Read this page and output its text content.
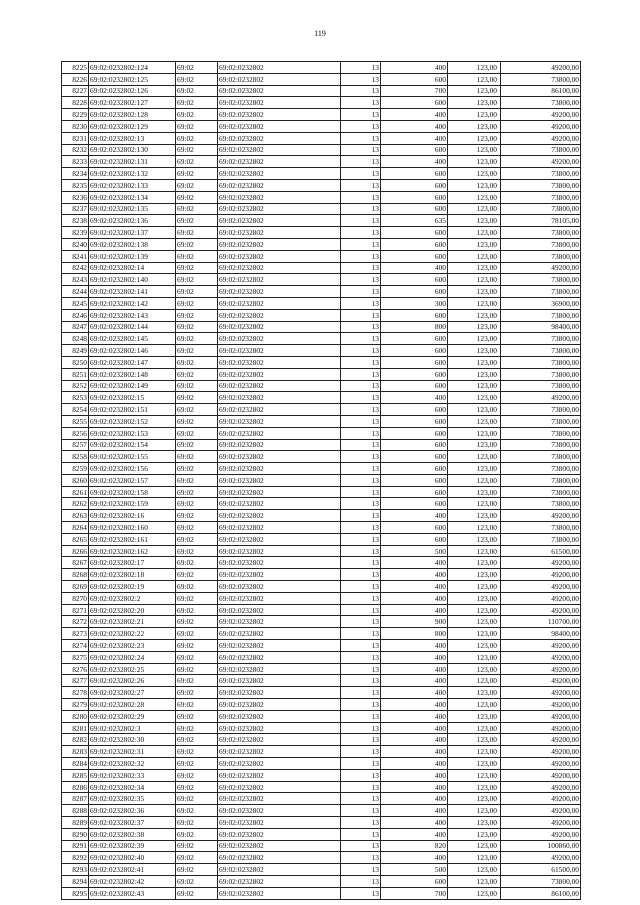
119
8225	69:02:0232802:124	69:02	69:02:0232802	13	400	123,00	49200,00
8226	69:02:0232802:125	69:02	69:02:0232802	13	600	123,00	73800,00
8227	69:02:0232802:126	69:02	69:02:0232802	13	700	123,00	86100,00
8228	69:02:0232802:127	69:02	69:02:0232802	13	600	123,00	73800,00
8229	69:02:0232802:128	69:02	69:02:0232802	13	400	123,00	49200,00
8230	69:02:0232802:129	69:02	69:02:0232802	13	400	123,00	49200,00
8231	69:02:0232802:13	69:02	69:02:0232802	13	400	123,00	49200,00
8232	69:02:0232802:130	69:02	69:02:0232802	13	600	123,00	73800,00
8233	69:02:0232802:131	69:02	69:02:0232802	13	400	123,00	49200,00
8234	69:02:0232802:132	69:02	69:02:0232802	13	600	123,00	73800,00
8235	69:02:0232802:133	69:02	69:02:0232802	13	600	123,00	73800,00
8236	69:02:0232802:134	69:02	69:02:0232802	13	600	123,00	73800,00
8237	69:02:0232802:135	69:02	69:02:0232802	13	600	123,00	73800,00
8238	69:02:0232802:136	69:02	69:02:0232802	13	635	123,00	78105,00
8239	69:02:0232802:137	69:02	69:02:0232802	13	600	123,00	73800,00
8240	69:02:0232802:138	69:02	69:02:0232802	13	600	123,00	73800,00
8241	69:02:0232802:139	69:02	69:02:0232802	13	600	123,00	73800,00
8242	69:02:0232802:14	69:02	69:02:0232802	13	400	123,00	49200,00
8243	69:02:0232802:140	69:02	69:02:0232802	13	600	123,00	73800,00
8244	69:02:0232802:141	69:02	69:02:0232802	13	600	123,00	73800,00
8245	69:02:0232802:142	69:02	69:02:0232802	13	300	123,00	36900,00
8246	69:02:0232802:143	69:02	69:02:0232802	13	600	123,00	73800,00
8247	69:02:0232802:144	69:02	69:02:0232802	13	800	123,00	98400,00
8248	69:02:0232802:145	69:02	69:02:0232802	13	600	123,00	73800,00
8249	69:02:0232802:146	69:02	69:02:0232802	13	600	123,00	73800,00
8250	69:02:0232802:147	69:02	69:02:0232802	13	600	123,00	73800,00
8251	69:02:0232802:148	69:02	69:02:0232802	13	600	123,00	73800,00
8252	69:02:0232802:149	69:02	69:02:0232802	13	600	123,00	73800,00
8253	69:02:0232802:15	69:02	69:02:0232802	13	400	123,00	49200,00
8254	69:02:0232802:151	69:02	69:02:0232802	13	600	123,00	73800,00
8255	69:02:0232802:152	69:02	69:02:0232802	13	600	123,00	73800,00
8256	69:02:0232802:153	69:02	69:02:0232802	13	600	123,00	73800,00
8257	69:02:0232802:154	69:02	69:02:0232802	13	600	123,00	73800,00
8258	69:02:0232802:155	69:02	69:02:0232802	13	600	123,00	73800,00
8259	69:02:0232802:156	69:02	69:02:0232802	13	600	123,00	73800,00
8260	69:02:0232802:157	69:02	69:02:0232802	13	600	123,00	73800,00
8261	69:02:0232802:158	69:02	69:02:0232802	13	600	123,00	73800,00
8262	69:02:0232802:159	69:02	69:02:0232802	13	600	123,00	73800,00
8263	69:02:0232802:16	69:02	69:02:0232802	13	400	123,00	49200,00
8264	69:02:0232802:160	69:02	69:02:0232802	13	600	123,00	73800,00
8265	69:02:0232802:161	69:02	69:02:0232802	13	600	123,00	73800,00
8266	69:02:0232802:162	69:02	69:02:0232802	13	500	123,00	61500,00
8267	69:02:0232802:17	69:02	69:02:0232802	13	400	123,00	49200,00
8268	69:02:0232802:18	69:02	69:02:0232802	13	400	123,00	49200,00
8269	69:02:0232802:19	69:02	69:02:0232802	13	400	123,00	49200,00
8270	69:02:0232802:2	69:02	69:02:0232802	13	400	123,00	49200,00
8271	69:02:0232802:20	69:02	69:02:0232802	13	400	123,00	49200,00
8272	69:02:0232802:21	69:02	69:02:0232802	13	900	123,00	110700,00
8273	69:02:0232802:22	69:02	69:02:0232802	13	800	123,00	98400,00
8274	69:02:0232802:23	69:02	69:02:0232802	13	400	123,00	49200,00
8275	69:02:0232802:24	69:02	69:02:0232802	13	400	123,00	49200,00
8276	69:02:0232802:25	69:02	69:02:0232802	13	400	123,00	49200,00
8277	69:02:0232802:26	69:02	69:02:0232802	13	400	123,00	49200,00
8278	69:02:0232802:27	69:02	69:02:0232802	13	400	123,00	49200,00
8279	69:02:0232802:28	69:02	69:02:0232802	13	400	123,00	49200,00
8280	69:02:0232802:29	69:02	69:02:0232802	13	400	123,00	49200,00
8281	69:02:0232802:3	69:02	69:02:0232802	13	400	123,00	49200,00
8282	69:02:0232802:30	69:02	69:02:0232802	13	400	123,00	49200,00
8283	69:02:0232802:31	69:02	69:02:0232802	13	400	123,00	49200,00
8284	69:02:0232802:32	69:02	69:02:0232802	13	400	123,00	49200,00
8285	69:02:0232802:33	69:02	69:02:0232802	13	400	123,00	49200,00
8286	69:02:0232802:34	69:02	69:02:0232802	13	400	123,00	49200,00
8287	69:02:0232802:35	69:02	69:02:0232802	13	400	123,00	49200,00
8288	69:02:0232802:36	69:02	69:02:0232802	13	400	123,00	49200,00
8289	69:02:0232802:37	69:02	69:02:0232802	13	400	123,00	49200,00
8290	69:02:0232802:38	69:02	69:02:0232802	13	400	123,00	49200,00
8291	69:02:0232802:39	69:02	69:02:0232802	13	820	123,00	100860,00
8292	69:02:0232802:40	69:02	69:02:0232802	13	400	123,00	49200,00
8293	69:02:0232802:41	69:02	69:02:0232802	13	500	123,00	61500,00
8294	69:02:0232802:42	69:02	69:02:0232802	13	600	123,00	73800,00
8295	69:02:0232802:43	69:02	69:02:0232802	13	700	123,00	86100,00
